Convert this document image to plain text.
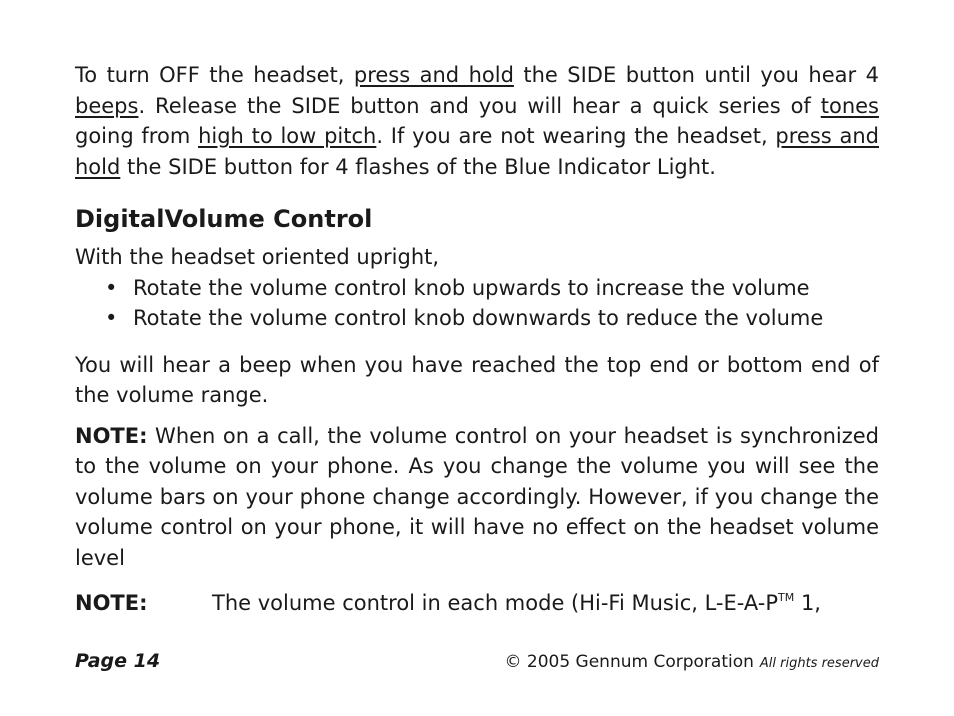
To turn OFF the headset, press and hold the SIDE button until you hear 4 beeps. Release the SIDE button and you will hear a quick series of tones going from high to low pitch. If you are not wearing the headset, press and hold the SIDE button for 4 flashes of the Blue Indicator Light.

DigitalVolume Control

With the headset oriented upright,

• Rotate the volume control knob upwards to increase the volume
• Rotate the volume control knob downwards to reduce the volume

You will hear a beep when you have reached the top end or bottom end of the volume range.

NOTE: When on a call, the volume control on your headset is synchronized to the volume on your phone. As you change the volume you will see the volume bars on your phone change accordingly. However, if you change the volume control on your phone, it will have no effect on the headset volume level

NOTE:	The volume control in each mode (Hi-Fi Music, L-E-A-P™ 1,
Page 14	© 2005 Gennum Corporation All rights reserved
